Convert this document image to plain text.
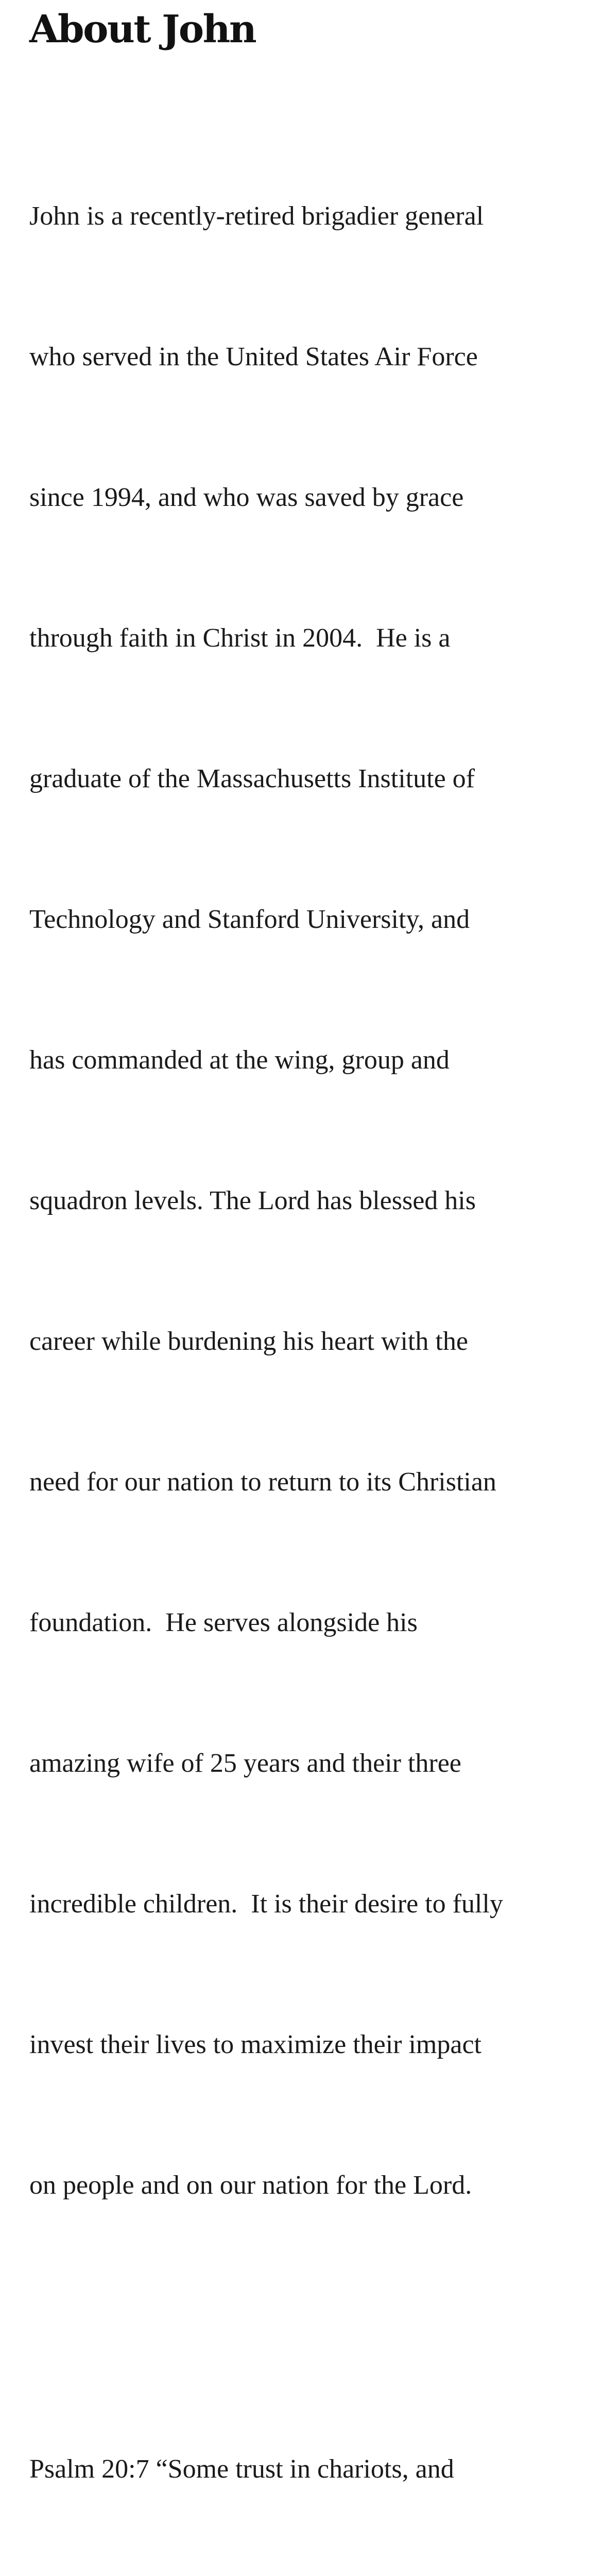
About John

John is a recently-retired brigadier general

who served in the United States Air Force

since 1994, and who was saved by grace

through faith in Christ in 2004.  He is a

graduate of the Massachusetts Institute of

Technology and Stanford University, and

has commanded at the wing, group and

squadron levels. The Lord has blessed his

career while burdening his heart with the

need for our nation to return to its Christian

foundation.  He serves alongside his

amazing wife of 25 years and their three

incredible children.  It is their desire to fully

invest their lives to maximize their impact

on people and on our nation for the Lord.

Psalm 20:7 “Some trust in chariots, and
